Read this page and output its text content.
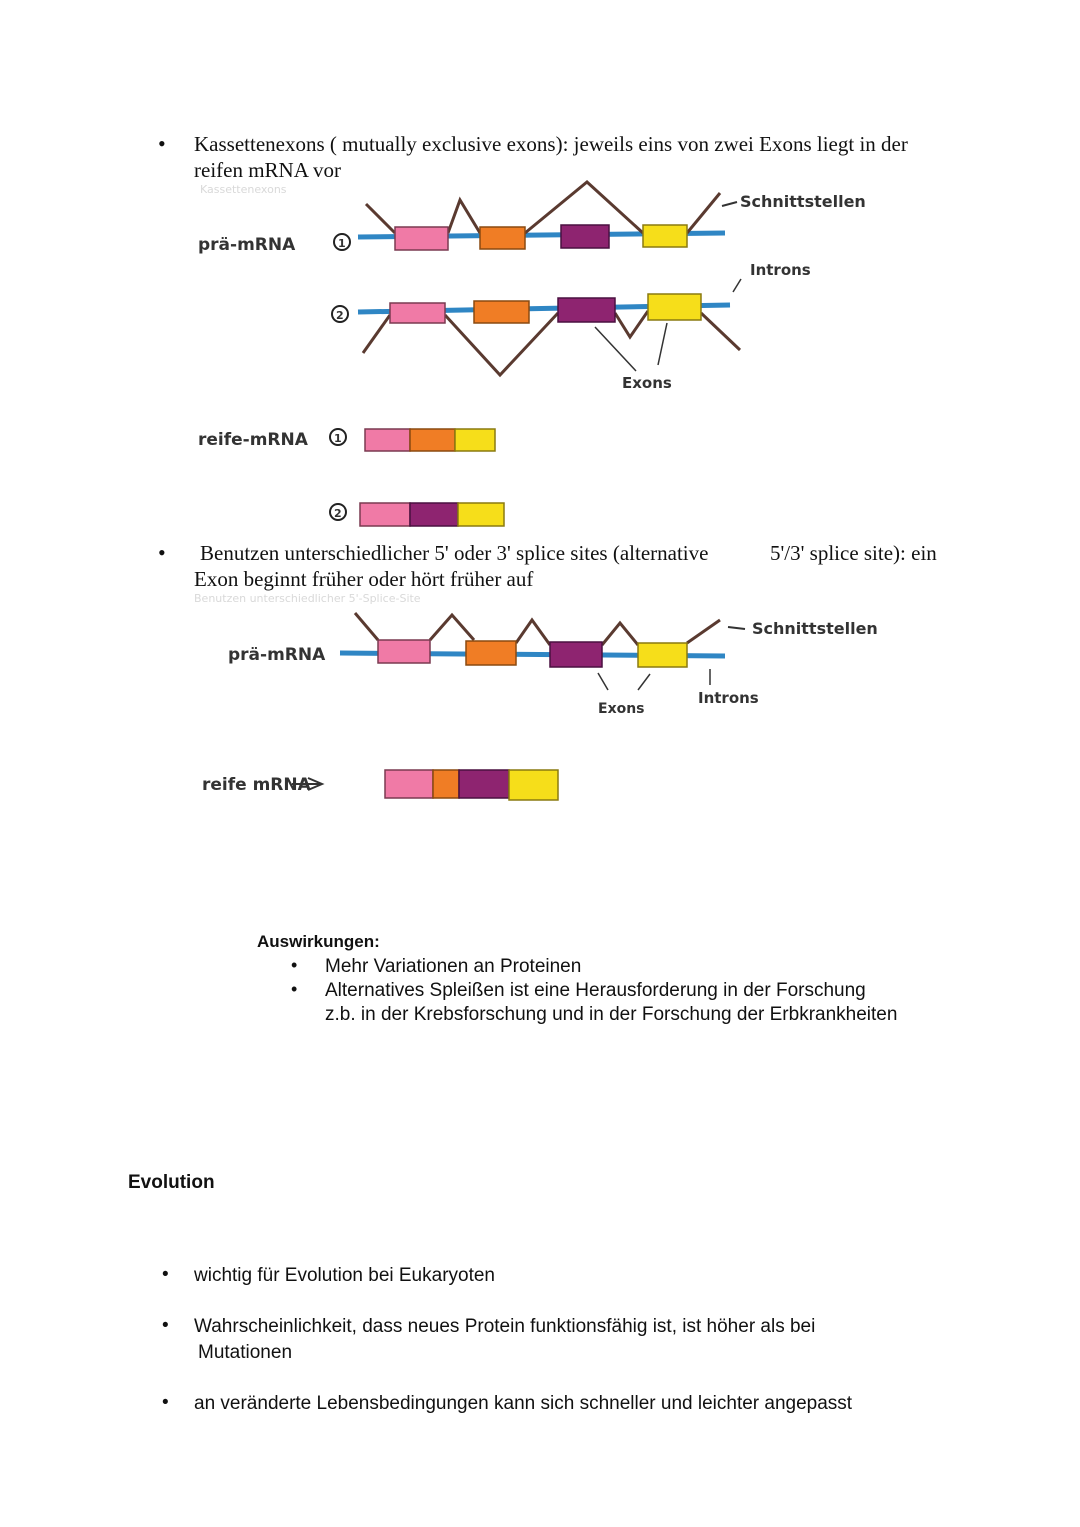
• Kassettenexons ( mutually exclusive exons): jeweils eins von zwei Exons liegt in der
reifen mRNA vor
Kassettenexons
prä-mRNA	1
Schnittstellen
2
Introns
Exons
reife-mRNA 1
2
• Benutzen unterschiedlicher 5' oder 3' splice sites (alternative	5'/3' splice site): ein
Exon beginnt früher oder hört früher auf
Benutzen unterschiedlicher 5'-Splice-Site
prä-mRNA
Schnittstellen
Exons
Introns
reife mRNA
Auswirkungen:
• Mehr Variationen an Proteinen
• Alternatives Spleißen ist eine Herausforderung in der Forschung
z.b. in der Krebsforschung und in der Forschung der Erbkrankheiten
Evolution
• wichtig für Evolution bei Eukaryoten
• Wahrscheinlichkeit, dass neues Protein funktionsfähig ist, ist höher als bei
Mutationen
• an veränderte Lebensbedingungen kann sich schneller und leichter angepasst
